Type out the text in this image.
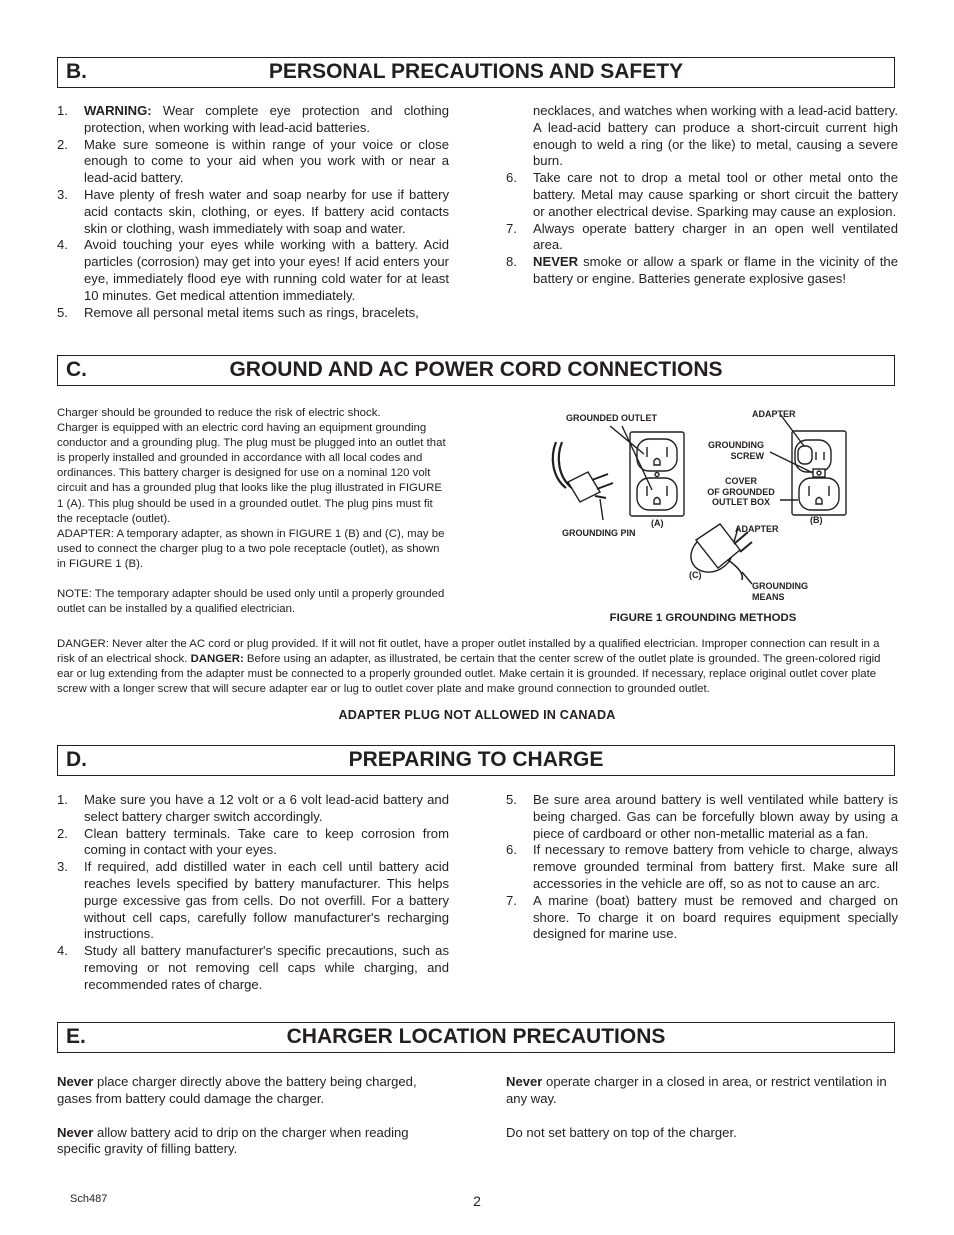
B.	PERSONAL PRECAUTIONS AND SAFETY
1. WARNING: Wear complete eye protection and clothing protection, when working with lead-acid batteries.
2. Make sure someone is within range of your voice or close enough to come to your aid when you work with or near a lead-acid battery.
3. Have plenty of fresh water and soap nearby for use if battery acid contacts skin, clothing, or eyes. If battery acid contacts skin or clothing, wash immediately with soap and water.
4. Avoid touching your eyes while working with a battery. Acid particles (corrosion) may get into your eyes! If acid enters your eye, immediately flood eye with running cold water for at least 10 minutes. Get medical attention immediately.
5. Remove all personal metal items such as rings, bracelets,
necklaces, and watches when working with a lead-acid battery. A lead-acid battery can produce a short-circuit current high enough to weld a ring (or the like) to metal, causing a severe burn.
6. Take care not to drop a metal tool or other metal onto the battery. Metal may cause sparking or short circuit the battery or another electrical devise. Sparking may cause an explosion.
7. Always operate battery charger in an open well ventilated area.
8. NEVER smoke or allow a spark or flame in the vicinity of the battery or engine. Batteries generate explosive gases!
C.	GROUND AND AC POWER CORD CONNECTIONS
Charger should be grounded to reduce the risk of electric shock.
Charger is equipped with an electric cord having an equipment grounding conductor and a grounding plug. The plug must be plugged into an outlet that is properly installed and grounded in accordance with all local codes and ordinances. This battery charger is designed for use on a nominal 120 volt circuit and has a grounded plug that looks like the plug illustrated in FIGURE 1 (A). This plug should be used in a grounded outlet. The plug pins must fit the receptacle (outlet).
ADAPTER: A temporary adapter, as shown in FIGURE 1 (B) and (C), may be used to connect the charger plug to a two pole receptacle (outlet), as shown in FIGURE 1 (B).
NOTE: The temporary adapter should be used only until a properly grounded outlet can be installed by a qualified electrician.
GROUNDED OUTLET	ADAPTER
GROUNDING
SCREW
COVER
OF GROUNDED
OUTLET BOX
GROUNDING PIN
(A)	(B)
ADAPTER
(C)
GROUNDING
MEANS
FIGURE 1 GROUNDING METHODS
DANGER: Never alter the AC cord or plug provided. If it will not fit outlet, have a proper outlet installed by a qualified electrician. Improper connection can result in a risk of an electrical shock. DANGER: Before using an adapter, as illustrated, be certain that the center screw of the outlet plate is grounded. The green-colored rigid ear or lug extending from the adapter must be connected to a properly grounded outlet. Make certain it is grounded. If necessary, replace original outlet cover plate screw with a longer screw that will secure adapter ear or lug to outlet cover plate and make ground connection to grounded outlet.
ADAPTER PLUG NOT ALLOWED IN CANADA
D.	PREPARING TO CHARGE
1. Make sure you have a 12 volt or a 6 volt lead-acid battery and select battery charger switch accordingly.
2. Clean battery terminals. Take care to keep corrosion from coming in contact with your eyes.
3. If required, add distilled water in each cell until battery acid reaches levels specified by battery manufacturer. This helps purge excessive gas from cells. Do not overfill. For a battery without cell caps, carefully follow manufacturer's recharging instructions.
4. Study all battery manufacturer's specific precautions, such as removing or not removing cell caps while charging, and recommended rates of charge.
5. Be sure area around battery is well ventilated while battery is being charged. Gas can be forcefully blown away by using a piece of cardboard or other non-metallic material as a fan.
6. If necessary to remove battery from vehicle to charge, always remove grounded terminal from battery first. Make sure all accessories in the vehicle are off, so as not to cause an arc.
7. A marine (boat) battery must be removed and charged on shore. To charge it on board requires equipment specially designed for marine use.
E.	CHARGER LOCATION PRECAUTIONS

Never place charger directly above the battery being charged, gases from battery could damage the charger.

Never allow battery acid to drip on the charger when reading specific gravity of filling battery.

Never operate charger in a closed in area, or restrict ventilation in any way.

Do not set battery on top of the charger.

Sch487	2
